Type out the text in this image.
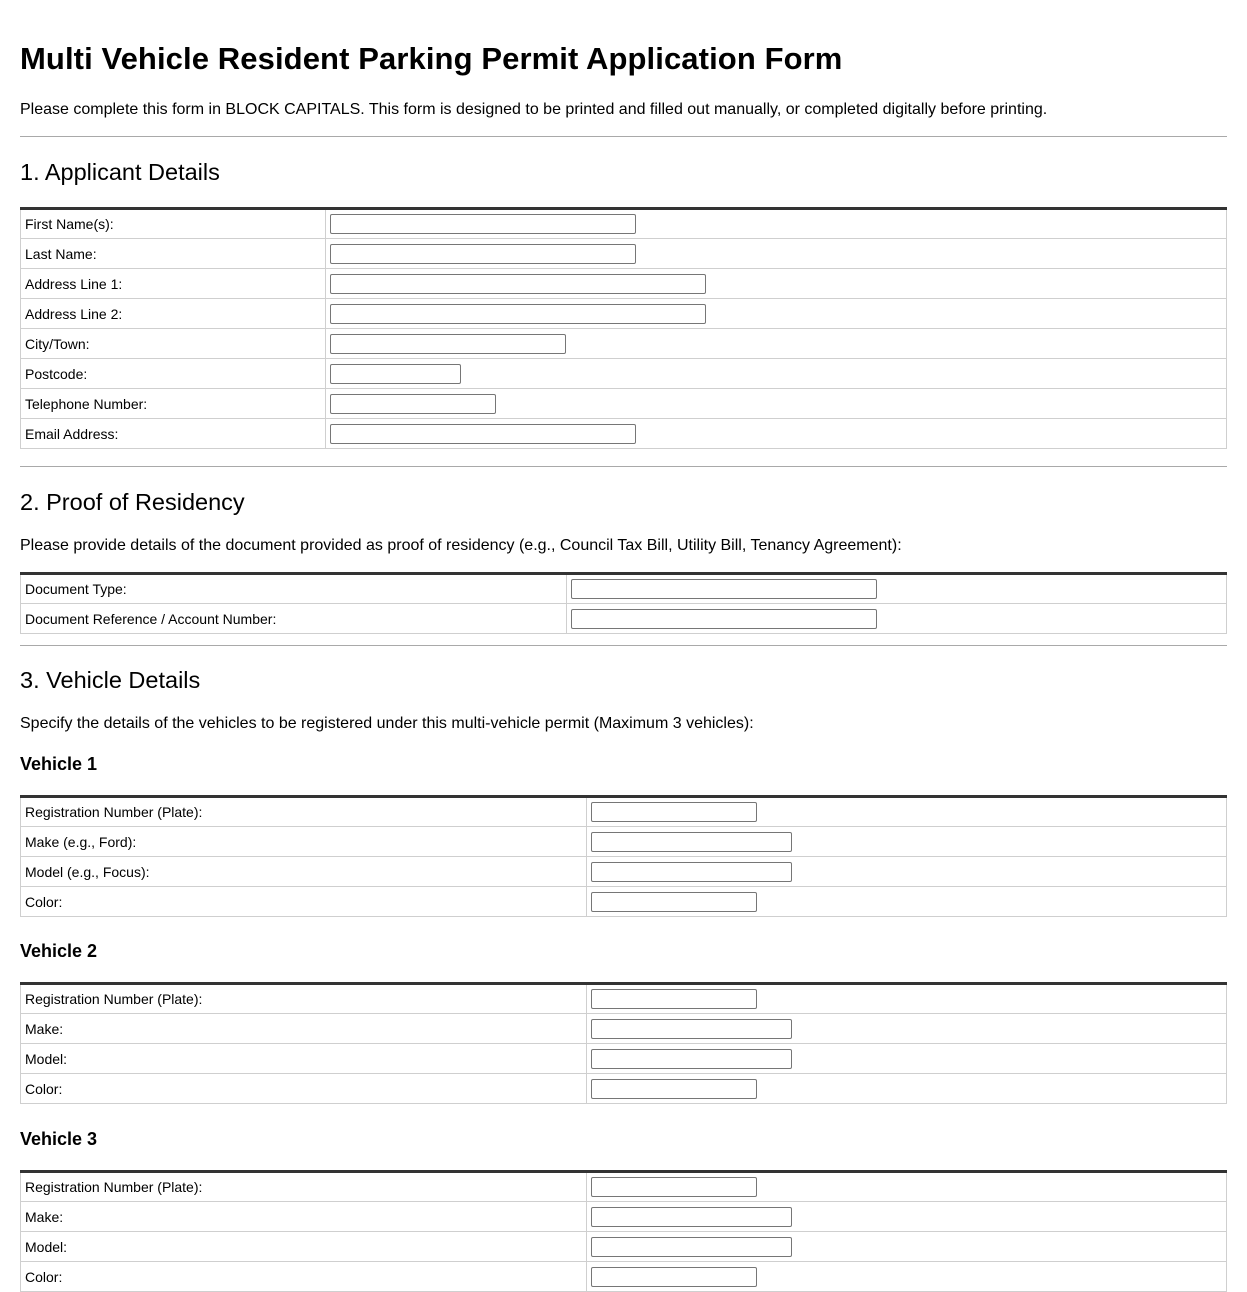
Multi Vehicle Resident Parking Permit Application Form
Please complete this form in BLOCK CAPITALS. This form is designed to be printed and filled out manually, or completed digitally before printing.
1. Applicant Details
First Name(s):	

Last Name:	

Address Line 1:	

Address Line 2:	

City/Town:	

Postcode:	

Telephone Number:	

Email Address:	
2. Proof of Residency
Please provide details of the document provided as proof of residency (e.g., Council Tax Bill, Utility Bill, Tenancy Agreement):
Document Type:	

Document Reference / Account Number:	
3. Vehicle Details
Specify the details of the vehicles to be registered under this multi-vehicle permit (Maximum 3 vehicles):
Vehicle 1
Registration Number (Plate):	

Make (e.g., Ford):	

Model (e.g., Focus):	

Color:	
Vehicle 2
Registration Number (Plate):	

Make:	

Model:	

Color:	
Vehicle 3
Registration Number (Plate):	

Make:	

Model:	

Color:	
